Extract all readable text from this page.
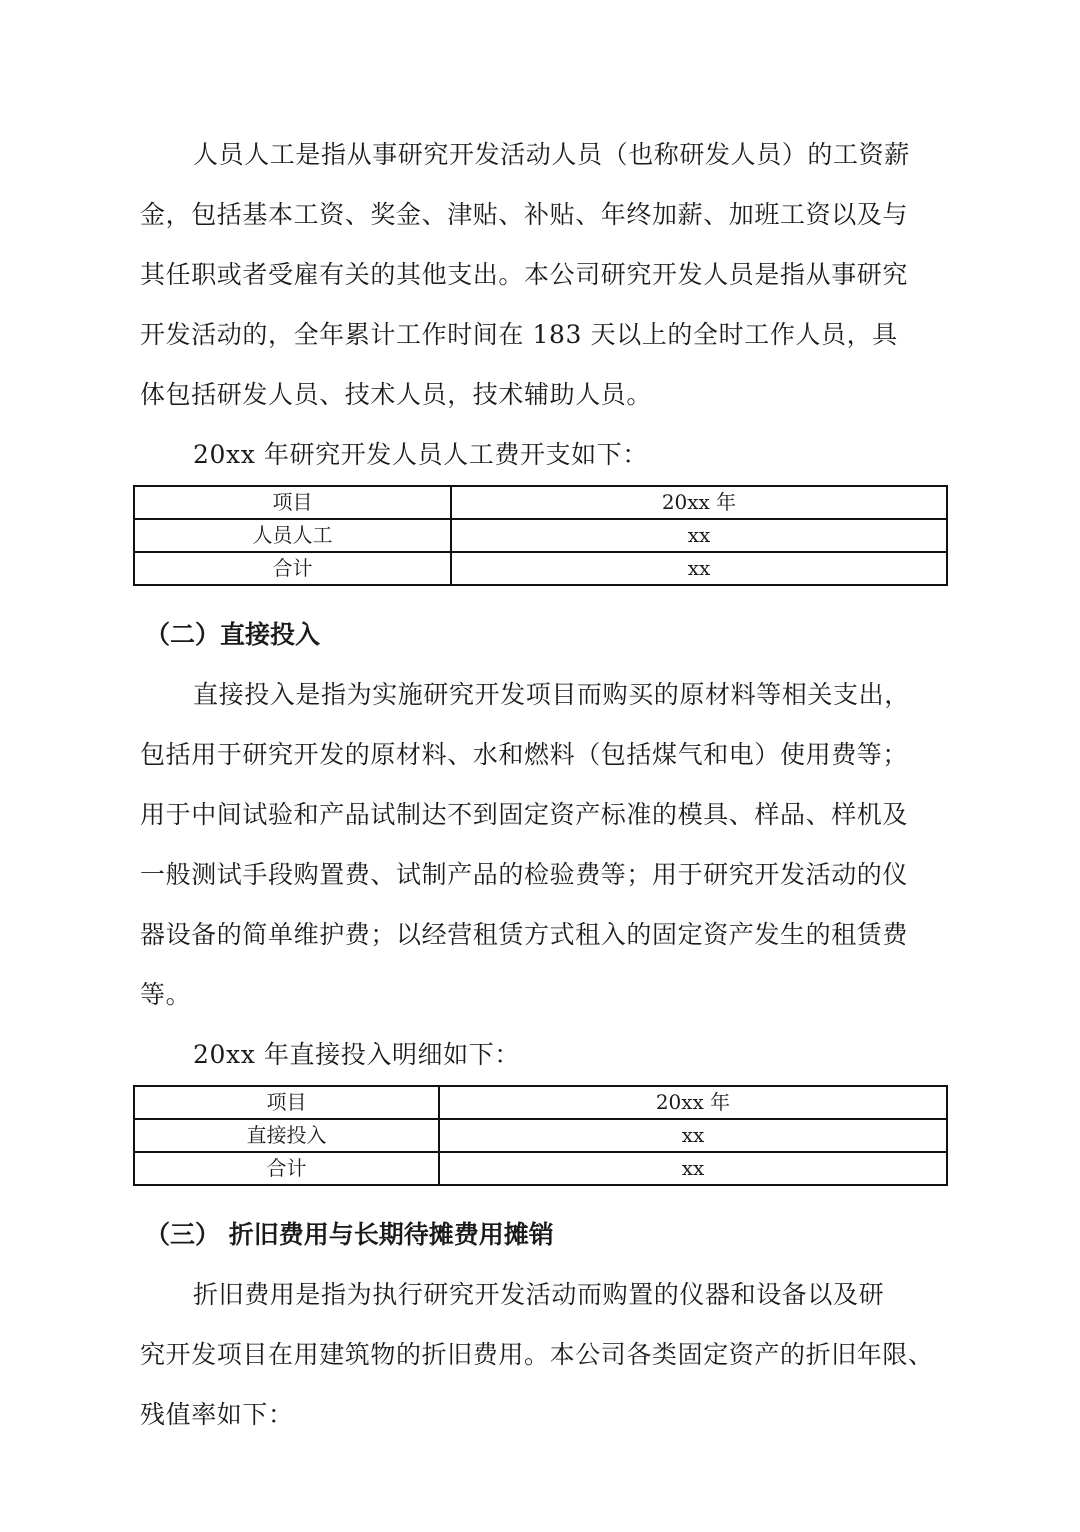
人员人工是指从事研究开发活动人员（也称研发人员）的工资薪
金，包括基本工资、奖金、津贴、补贴、年终加薪、加班工资以及与
其任职或者受雇有关的其他支出。本公司研究开发人员是指从事研究
开发活动的，全年累计工作时间在 183 天以上的全时工作人员，具
体包括研发人员、技术人员，技术辅助人员。
20xx 年研究开发人员人工费开支如下：
项目	20xx 年
人员人工	xx
合计	xx
（二）直接投入
直接投入是指为实施研究开发项目而购买的原材料等相关支出，
包括用于研究开发的原材料、水和燃料（包括煤气和电）使用费等；
用于中间试验和产品试制达不到固定资产标准的模具、样品、样机及
一般测试手段购置费、试制产品的检验费等；用于研究开发活动的仪
器设备的简单维护费；以经营租赁方式租入的固定资产发生的租赁费
等。
20xx 年直接投入明细如下：
项目	20xx 年
直接投入	xx
合计	xx
（三） 折旧费用与长期待摊费用摊销
折旧费用是指为执行研究开发活动而购置的仪器和设备以及研
究开发项目在用建筑物的折旧费用。本公司各类固定资产的折旧年限、
残值率如下：
